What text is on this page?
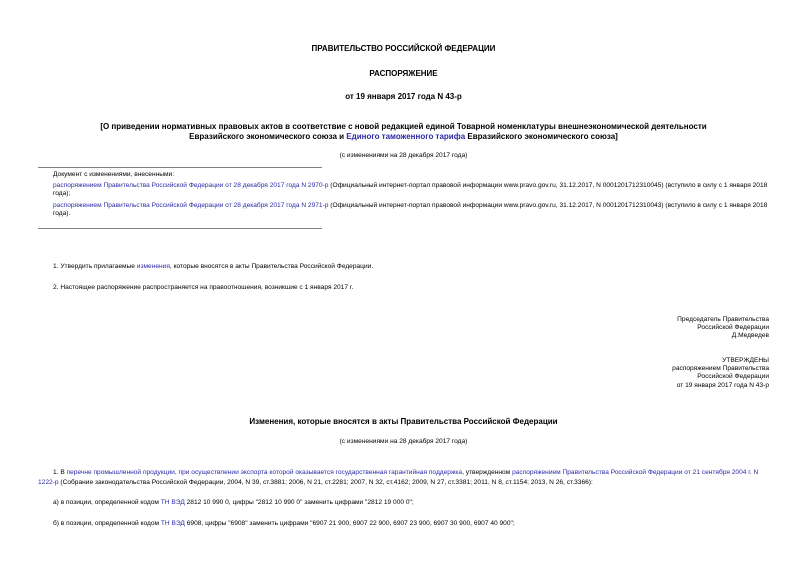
ПРАВИТЕЛЬСТВО РОССИЙСКОЙ ФЕДЕРАЦИИ
РАСПОРЯЖЕНИЕ
от 19 января 2017 года N 43-р
[О приведении нормативных правовых актов в соответствие с новой редакцией единой Товарной номенклатуры внешнеэкономической деятельности
Евразийского экономического союза и Единого таможенного тарифа Евразийского экономического союза]
(с изменениями на 28 декабря 2017 года)
Документ с изменениями, внесенными:
распоряжением Правительства Российской Федерации от 28 декабря 2017 года N 2970-р (Официальный интернет-портал правовой информации www.pravo.gov.ru, 31.12.2017, N 0001201712310045) (вступило в силу с 1 января 2018 года);
распоряжением Правительства Российской Федерации от 28 декабря 2017 года N 2971-р (Официальный интернет-портал правовой информации www.pravo.gov.ru, 31.12.2017, N 0001201712310043) (вступило в силу с 1 января 2018 года).
1. Утвердить прилагаемые изменения, которые вносятся в акты Правительства Российской Федерации.
2. Настоящее распоряжение распространяется на правоотношения, возникшие с 1 января 2017 г.
Председатель Правительства
Российской Федерации
Д.Медведев
УТВЕРЖДЕНЫ
распоряжением Правительства
Российской Федерации
от 19 января 2017 года N 43-р
Изменения, которые вносятся в акты Правительства Российской Федерации
(с изменениями на 28 декабря 2017 года)
1. В перечне промышленной продукции, при осуществлении экспорта которой оказывается государственная гарантийная поддержка, утвержденном распоряжением Правительства Российской Федерации от 21 сентября 2004 г. N 1222-р (Собрание законодательства Российской Федерации, 2004, N 39, ст.3881; 2006, N 21, ст.2281; 2007, N 32, ст.4162; 2009, N 27, ст.3381; 2011, N 8, ст.1154; 2013, N 26, ст.3366):
а) в позиции, определенной кодом ТН ВЭД 2812 10 990 0, цифры "2812 10 990 0" заменить цифрами "2812 19 000 0";
б) в позиции, определенной кодом ТН ВЭД 6908, цифры "6908" заменить цифрами "6907 21 900, 6907 22 900, 6907 23 900, 6907 30 900, 6907 40 900";
